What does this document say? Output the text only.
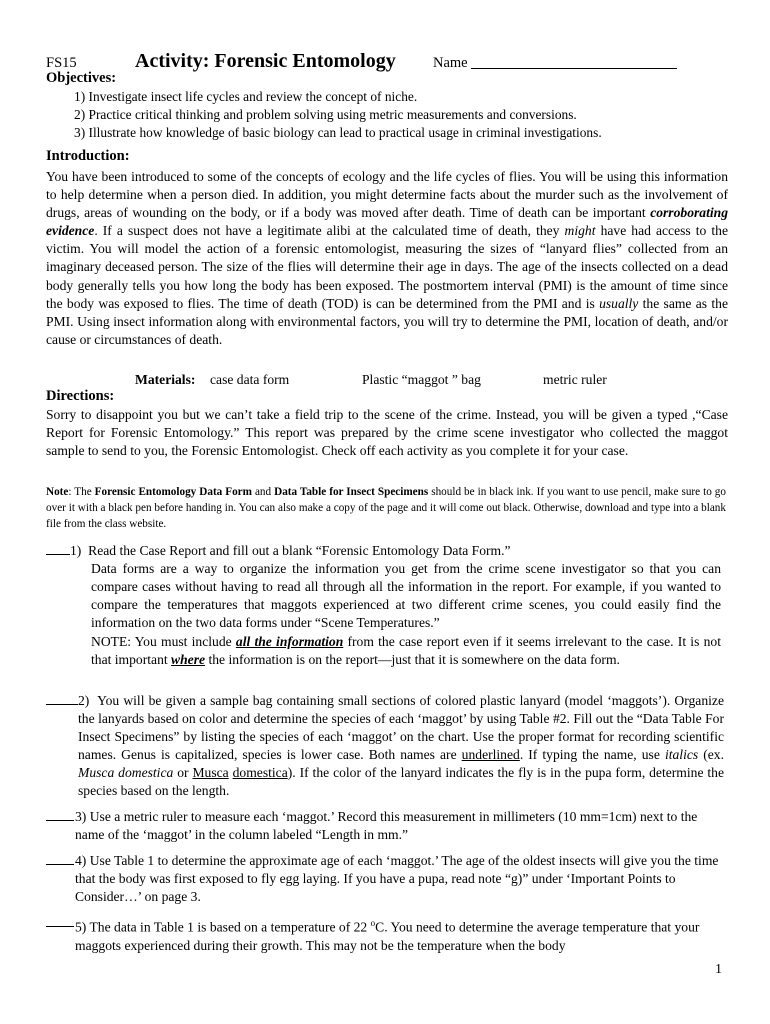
FS15	Activity: Forensic Entomology	Name
Objectives:
1) Investigate insect life cycles and review the concept of niche.
2) Practice critical thinking and problem solving using metric measurements and conversions.
3) Illustrate how knowledge of basic biology can lead to practical usage in criminal investigations.
Introduction:
You have been introduced to some of the concepts of ecology and the life cycles of flies. You will be using this information to help determine when a person died. In addition, you might determine facts about the murder such as the involvement of drugs, areas of wounding on the body, or if a body was moved after death. Time of death can be important corroborating evidence. If a suspect does not have a legitimate alibi at the calculated time of death, they might have had access to the victim. You will model the action of a forensic entomologist, measuring the sizes of “lanyard flies” collected from an imaginary deceased person. The size of the flies will determine their age in days. The age of the insects collected on a dead body generally tells you how long the body has been exposed. The postmortem interval (PMI) is the amount of time since the body was exposed to flies. The time of death (TOD) is can be determined from the PMI and is usually the same as the PMI. Using insect information along with environmental factors, you will try to determine the PMI, location of death, and/or cause or circumstances of death.
Materials: case data form	Plastic “maggot ” bag	metric ruler
Directions:
Sorry to disappoint you but we can’t take a field trip to the scene of the crime. Instead, you will be given a typed ,“Case Report for Forensic Entomology.” This report was prepared by the crime scene investigator who collected the maggot sample to send to you, the Forensic Entomologist. Check off each activity as you complete it for your case.
Note: The Forensic Entomology Data Form and Data Table for Insect Specimens should be in black ink. If you want to use pencil, make sure to go over it with a black pen before handing in. You can also make a copy of the page and it will come out black. Otherwise, download and type into a blank file from the class website.
1) Read the Case Report and fill out a blank “Forensic Entomology Data Form.”
Data forms are a way to organize the information you get from the crime scene investigator so that you can compare cases without having to read all through all the information in the report. For example, if you wanted to compare the temperatures that maggots experienced at two different crime scenes, you could easily find the information on the two data forms under “Scene Temperatures.”
NOTE: You must include all the information from the case report even if it seems irrelevant to the case. It is not that important where the information is on the report—just that it is somewhere on the data form.
2) You will be given a sample bag containing small sections of colored plastic lanyard (model ‘maggots’). Organize the lanyards based on color and determine the species of each ‘maggot’ by using Table #2. Fill out the “Data Table For Insect Specimens” by listing the species of each ‘maggot’ on the chart. Use the proper format for recording scientific names. Genus is capitalized, species is lower case. Both names are underlined. If typing the name, use italics (ex. Musca domestica or Musca domestica). If the color of the lanyard indicates the fly is in the pupa form, determine the species based on the length.
3) Use a metric ruler to measure each ‘maggot.’ Record this measurement in millimeters (10 mm=1cm) next to the name of the ‘maggot’ in the column labeled “Length in mm.”
4) Use Table 1 to determine the approximate age of each ‘maggot.’ The age of the oldest insects will give you the time that the body was first exposed to fly egg laying. If you have a pupa, read note “g)” under ‘Important Points to Consider…’ on page 3.
5) The data in Table 1 is based on a temperature of 22 $^o$C. You need to determine the average temperature that your maggots experienced during their growth. This may not be the temperature when the body
1
